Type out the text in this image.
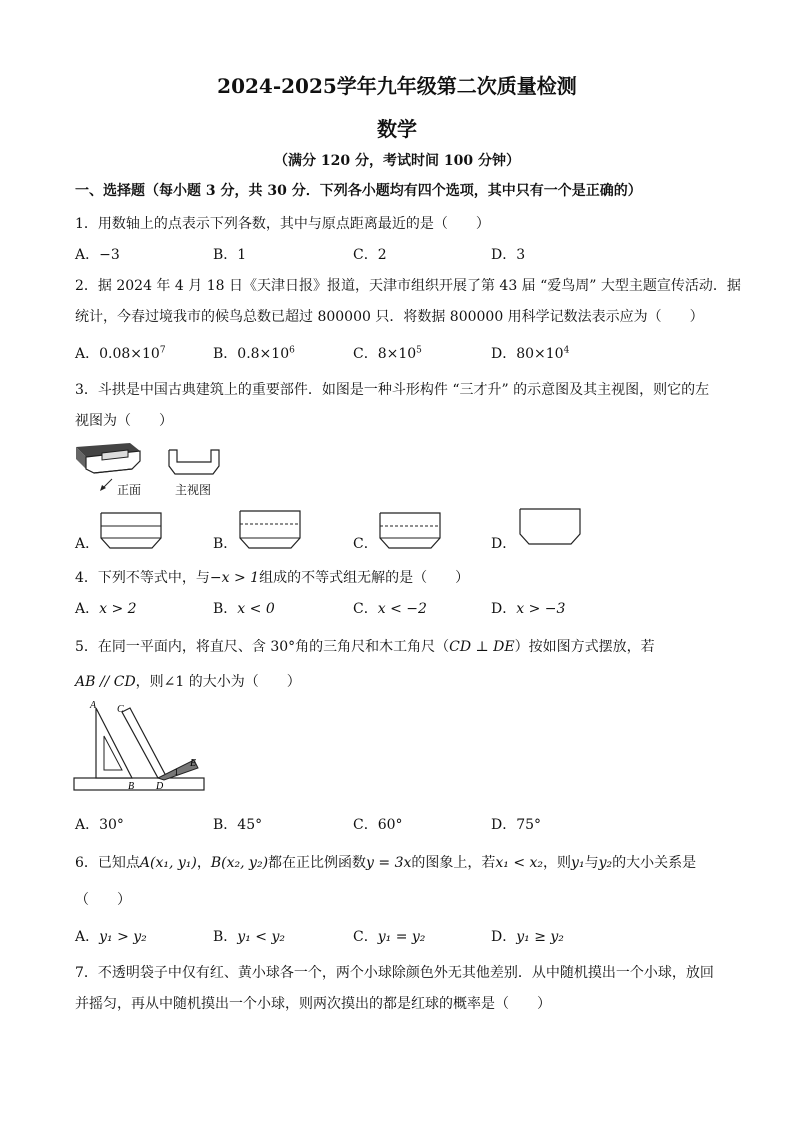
2024-2025学年九年级第二次质量检测
数学
（满分 120 分，考试时间 100 分钟）
一、选择题（每小题 3 分，共 30 分．下列各小题均有四个选项，其中只有一个是正确的）
1．用数轴上的点表示下列各数，其中与原点距离最近的是（　　）
A．−3	B．1	C．2	D．3
2．据 2024 年 4 月 18 日《天津日报》报道，天津市组织开展了第 43 届 “爱鸟周” 大型主题宣传活动．据
统计，今春过境我市的候鸟总数已超过 800000 只．将数据 800000 用科学记数法表示应为（　　）
A．$0.08\times 10^7$	B．$0.8\times 10^6$	C．$8\times 10^5$	D．$80\times 10^4$
3．斗拱是中国古典建筑上的重要部件．如图是一种斗形构件 “三才升” 的示意图及其主视图，则它的左
视图为（　　）
正面	主视图
A．	B．	C．	D．
4．下列不等式中，与−x > 1组成的不等式组无解的是（　　）
A．x > 2	B．x < 0	C．x < −2	D．x > −3
5．在同一平面内，将直尺、含 30°角的三角尺和木工角尺（CD ⊥ DE）按如图方式摆放，若
AB // CD，则∠1 的大小为（　　）
A C
B D
E
1
A．30°	B．45°	C．60°	D．75°
6．已知点A(x₁, y₁)，B(x₂, y₂)都在正比例函数y = 3x的图象上，若x₁ < x₂，则y₁与y₂的大小关系是
（　　）
A．y₁ > y₂	B．y₁ < y₂	C．y₁ = y₂	D．y₁ ≥ y₂
7．不透明袋子中仅有红、黄小球各一个，两个小球除颜色外无其他差别．从中随机摸出一个小球，放回
并摇匀，再从中随机摸出一个小球，则两次摸出的都是红球的概率是（　　）
